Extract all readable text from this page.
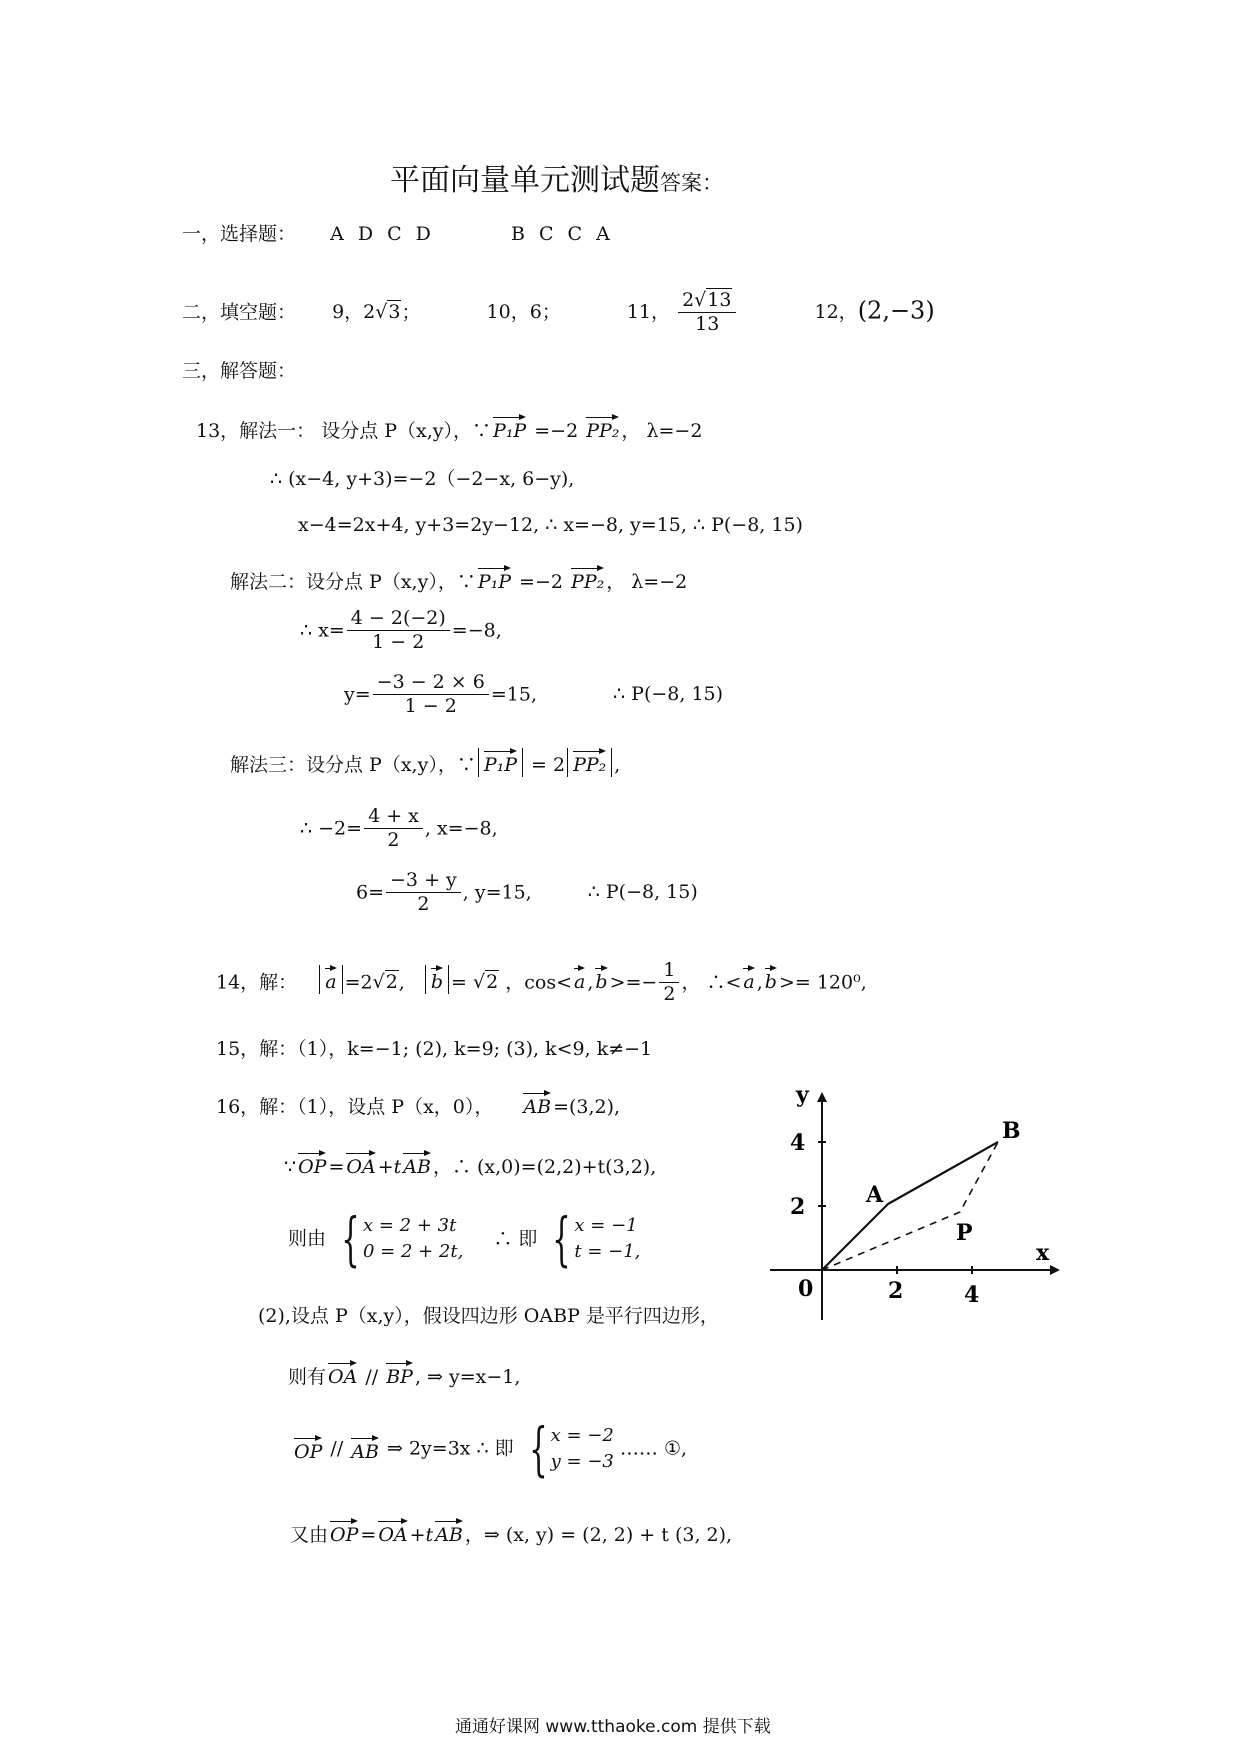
平面向量单元测试题答案：
一，选择题： A D C D	B C C A
二，填空题： 9，2√3；	10，6；	11， $\frac{2√13}{13}$	12，(2,−3)
三，解答题：
13，解法一： 设分点 P（x,y），∵ P₁P =−2 PP₂ ， λ=−2
∴ (x−4, y+3)=−2（−2−x, 6−y),
x−4=2x+4, y+3=2y−12, ∴ x=−8, y=15, ∴ P(−8, 15)
解法二：设分点 P（x,y），∵ P₁P =−2 PP₂ ， λ=−2
∴ $x= \frac{4 - 2(-2)}{1 - 2} =-8$,
$y= \frac{-3 - 2 \times 6}{1 - 2} =15$,	∴ P(−8, 15)
解法三：设分点 P（x,y），∵ P₁P = 2 PP₂ ,
∴ $-2= \frac{4 + x}{2}$ , x=−8,
$6= \frac{-3 + y}{2}$ , y=15,	∴ P(−8, 15)
14，解： a =2√2, b = √2 ，cos< a , b >=− $\frac{1}{2}$ ， ∴< a , b >= 120⁰,
15，解：（1），k=−1; (2), k=9; (3), k<9, k≠−1
16，解：（1），设点 P（x，0）， AB =(3,2),
∵ OP = OA +t AB ，∴ (x,0)=(2,2)+t(3,2),
则由 { x = 2 + 3t
0 = 2 + 2t,
∴ 即 { x = −1
t = −1,
(2),设点 P（x,y），假设四边形 OABP 是平行四边形，
则有 OA // BP , ⇒ y=x−1,
OP // AB ⇒ 2y=3x ∴ 即 { x = −2
y = −3
…… ①,
又由 OP = OA +t AB ，⇒ (x, y) = (2, 2) + t (3, 2),
y
x
4
2
0	2	4
A
B
P
通通好课网 www.tthaoke.com 提供下载
